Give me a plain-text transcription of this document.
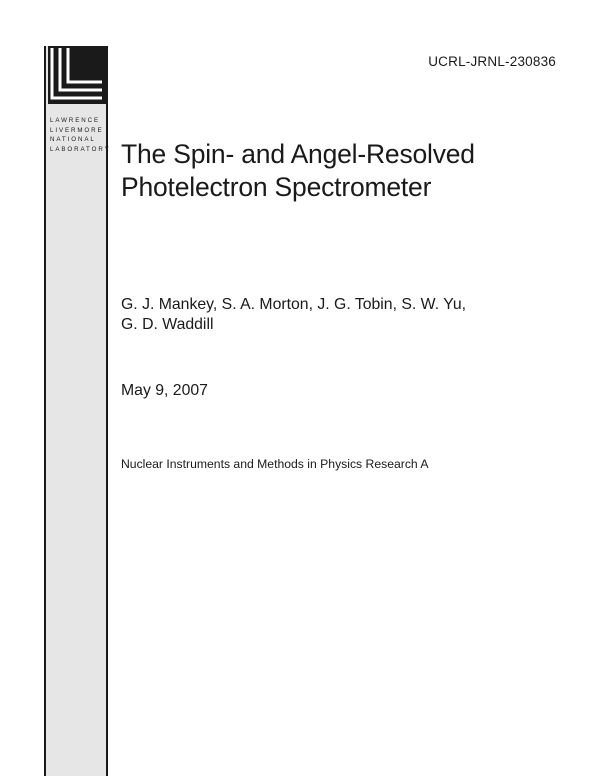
LAWRENCE
LIVERMORE
NATIONAL
LABORATORY
UCRL-JRNL-230836
The Spin- and Angel-Resolved
Photelectron Spectrometer
G. J. Mankey, S. A. Morton, J. G. Tobin, S. W. Yu,
G. D. Waddill
May 9, 2007
Nuclear Instruments and Methods in Physics Research A
